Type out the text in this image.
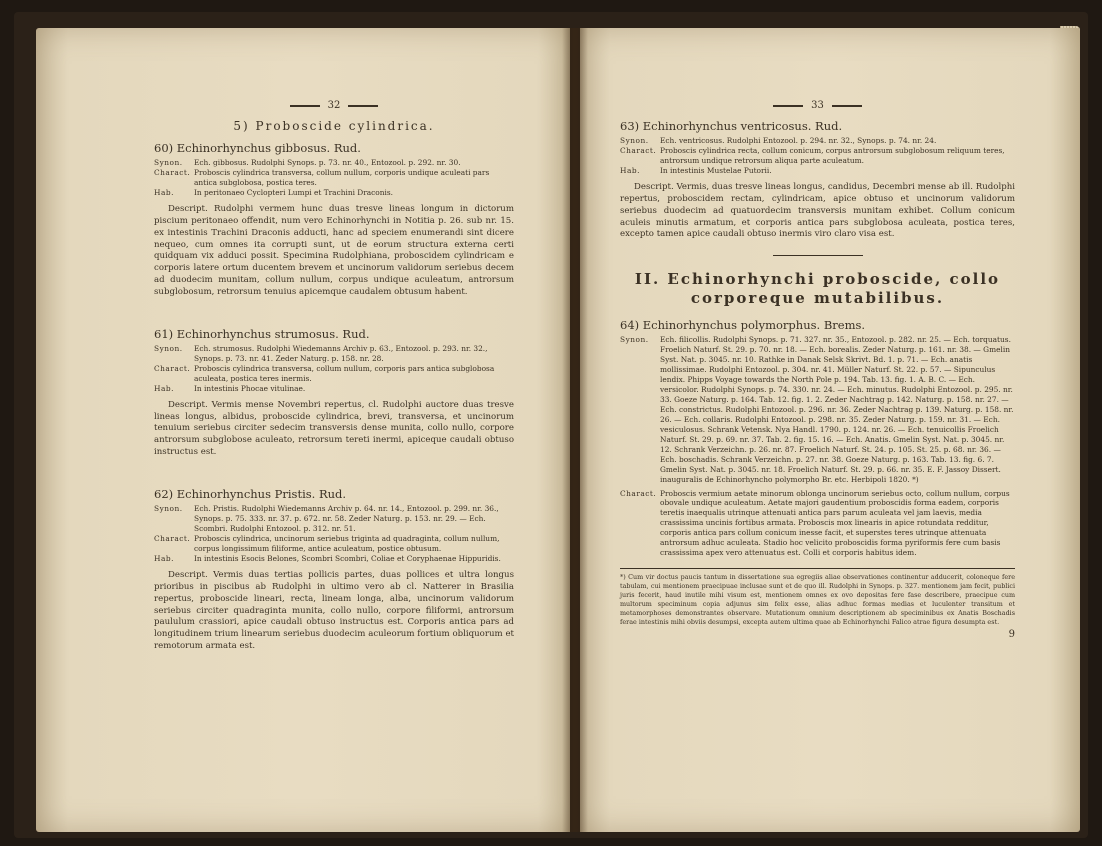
32
5) Proboscide cylindrica.
60) Echinorhynchus gibbosus. Rud.
Synon.	Ech. gibbosus. Rudolphi Synops. p. 73. nr. 40., Entozool. p. 292. nr. 30.
Charact. Proboscis cylindrica transversa, collum nullum, corporis undique aculeati pars antica subglobosa, postica teres.
Hab.	In peritonaeo Cyclopteri Lumpi et Trachini Draconis.
Descript. Rudolphi vermem hunc duas tresve lineas longum in dictorum piscium peritonaeo offendit, num vero Echinorhynchi in Notitia p. 26. sub nr. 15. ex intestinis Trachini Draconis adducti, hanc ad speciem enumerandi sint dicere nequeo, cum omnes ita corrupti sunt, ut de eorum structura externa certi quidquam vix adduci possit. Specimina Rudolphiana, proboscidem cylindricam e corporis latere ortum ducentem brevem et uncinorum validorum seriebus decem ad duodecim munitam, collum nullum, corpus undique aculeatum, antrorsum subglobosum, retrorsum tenuius apicemque caudalem obtusum habent.
61) Echinorhynchus strumosus. Rud.
Synon.	Ech. strumosus. Rudolphi Wiedemanns Archiv p. 63., Entozool. p. 293. nr. 32., Synops. p. 73. nr. 41. Zeder Naturg. p. 158. nr. 28.
Charact. Proboscis cylindrica transversa, collum nullum, corporis pars antica subglobosa aculeata, postica teres inermis.
Hab.	In intestinis Phocae vitulinae.
Descript. Vermis mense Novembri repertus, cl. Rudolphi auctore duas tresve lineas longus, albidus, proboscide cylindrica, brevi, transversa, et uncinorum tenuium seriebus circiter sedecim transversis dense munita, collo nullo, corpore antrorsum subglobose aculeato, retrorsum tereti inermi, apiceque caudali obtuso instructus est.
62) Echinorhynchus Pristis. Rud.
Synon.	Ech. Pristis. Rudolphi Wiedemanns Archiv p. 64. nr. 14., Entozool. p. 299. nr. 36., Synops. p. 75. 333. nr. 37. p. 672. nr. 58. Zeder Naturg. p. 153. nr. 29. — Ech. Scombri. Rudolphi Entozool. p. 312. nr. 51.
Charact. Proboscis cylindrica, uncinorum seriebus triginta ad quadraginta, collum nullum, corpus longissimum filiforme, antice aculeatum, postice obtusum.
Hab.	In intestinis Esocis Belones, Scombri Scombri, Coliae et Coryphaenae Hippuridis.
Descript. Vermis duas tertias pollicis partes, duas pollices et ultra longus prioribus in piscibus ab Rudolphi in ultimo vero ab cl. Natterer in Brasilia repertus, proboscide lineari, recta, lineam longa, alba, uncinorum validorum seriebus circiter quadraginta munita, collo nullo, corpore filiformi, antrorsum paululum crassiori, apice caudali obtuso instructus est. Corporis antica pars ad longitudinem trium linearum seriebus duodecim aculeorum fortium obliquorum et remotorum armata est.
33
63) Echinorhynchus ventricosus. Rud.
Synon.	Ech. ventricosus. Rudolphi Entozool. p. 294. nr. 32., Synops. p. 74. nr. 24.
Charact. Proboscis cylindrica recta, collum conicum, corpus antrorsum subglobosum reliquum teres, antrorsum undique retrorsum aliqua parte aculeatum.
Hab.	In intestinis Mustelae Putorii.
Descript. Vermis, duas tresve lineas longus, candidus, Decembri mense ab ill. Rudolphi repertus, proboscidem rectam, cylindricam, apice obtuso et uncinorum validorum seriebus duodecim ad quatuordecim transversis munitam exhibet. Collum conicum aculeis minutis armatum, et corporis antica pars subglobosa aculeata, postica teres, excepto tamen apice caudali obtuso inermis viro claro visa est.
II. Echinorhynchi proboscide, collo
corporeque mutabilibus.
64) Echinorhynchus polymorphus. Brems.
Synon.	Ech. filicollis. Rudolphi Synops. p. 71. 327. nr. 35., Entozool. p. 282. nr. 25. — Ech. torquatus. Froelich Naturf. St. 29. p. 70. nr. 18. — Ech. borealis. Zeder Naturg. p. 161. nr. 38. — Gmelin Syst. Nat. p. 3045. nr. 10. Rathke in Danak Selsk Skrivt. Bd. 1. p. 71. — Ech. anatis mollissimae. Rudolphi Entozool. p. 304. nr. 41. Müller Naturf. St. 22. p. 57. — Sipunculus lendix. Phipps Voyage towards the North Pole p. 194. Tab. 13. fig. 1. A. B. C. — Ech. versicolor. Rudolphi Synops. p. 74. 330. nr. 24. — Ech. minutus. Rudolphi Entozool. p. 295. nr. 33. Goeze Naturg. p. 164. Tab. 12. fig. 1. 2. Zeder Nachtrag p. 142. Naturg. p. 158. nr. 27. — Ech. constrictus. Rudolphi Entozool. p. 296. nr. 36. Zeder Nachtrag p. 139. Naturg. p. 158. nr. 26. — Ech. collaris. Rudolphi Entozool. p. 298. nr. 35. Zeder Naturg. p. 159. nr. 31. — Ech. vesiculosus. Schrank Vetensk. Nya Handl. 1790. p. 124. nr. 26. — Ech. tenuicollis Froelich Naturf. St. 29. p. 69. nr. 37. Tab. 2. fig. 15. 16. — Ech. Anatis. Gmelin Syst. Nat. p. 3045. nr. 12. Schrank Verzeichn. p. 26. nr. 87. Froelich Naturf. St. 24. p. 105. St. 25. p. 68. nr. 36. — Ech. boschadis. Schrank Verzeichn. p. 27. nr. 38. Goeze Naturg. p. 163. Tab. 13. fig. 6. 7. Gmelin Syst. Nat. p. 3045. nr. 18. Froelich Naturf. St. 29. p. 66. nr. 35. E. F. Jassoy Dissert. inauguralis de Echinorhyncho polymorpho Br. etc. Herbipoli 1820. *)
Charact. Proboscis vermium aetate minorum oblonga uncinorum seriebus octo, collum nullum, corpus obovale undique aculeatum. Aetate majori gaudentium proboscidis forma eadem, corporis teretis inaequalis utrinque attenuati antica pars parum aculeata vel jam laevis, media crassissima uncinis fortibus armata. Proboscis mox linearis in apice rotundata redditur, corporis antica pars collum conicum inesse facit, et superstes teres utrinque attenuata antrorsum adhuc aculeata. Stadio hoc velicito proboscidis forma pyriformis fere cum basis crassissima apex vero attenuatus est. Colli et corporis habitus idem.
*) Cum vir doctus paucis tantum in dissertatione sua egregiis aliae observationes continentur adducerit, coloneque fere tabulam, cui mentionem praecipuae inclusae sunt et de quo ill. Rudolphi in Synops. p. 327. mentionem jam fecit, publici juris fecerit, haud inutile mihi visum est, mentionem omnes ex ovo depositas fere fase describere, praecipue cum multorum speciminum copia adjunus sim felix esse, alias adhuc formas medias et luculenter transitum et metamorphoses demonstrantes observare. Mutationum omnium descriptionem ab speciminibus ex Anatis Boschadis ferae intestinis mihi obviis desumpsi, excepta autem ultima quae ab Echinorhynchi Falico atrae figura desumpta est.
9
